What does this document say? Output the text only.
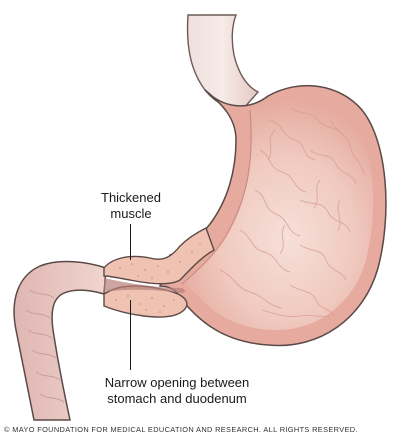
Thickened
muscle
Narrow opening between
stomach and duodenum
© MAYO FOUNDATION FOR MEDICAL EDUCATION AND RESEARCH. ALL RIGHTS RESERVED.
